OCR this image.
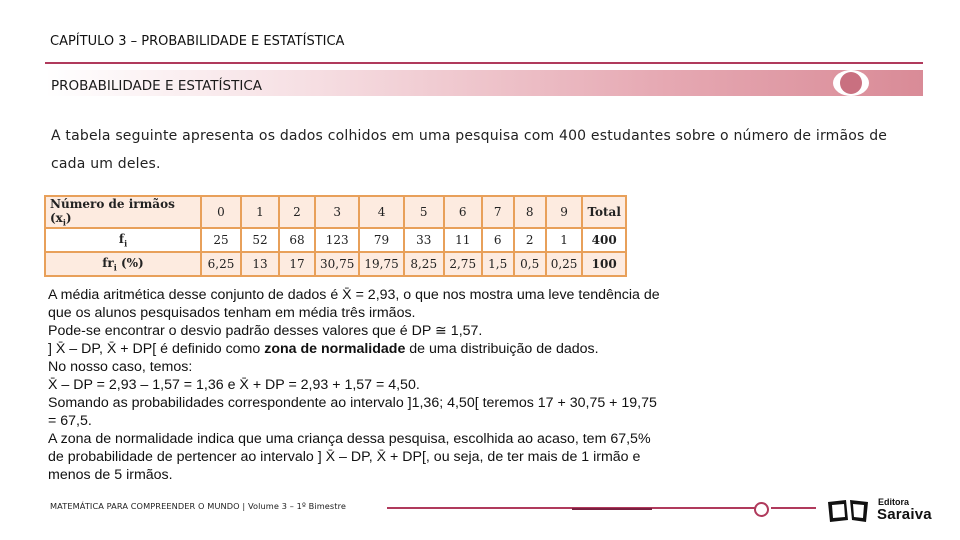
CAPÍTULO 3 – PROBABILIDADE E ESTATÍSTICA
PROBABILIDADE E ESTATÍSTICA
A tabela seguinte apresenta os dados colhidos em uma pesquisa com 400 estudantes sobre o número de irmãos de
cada um deles.
Número de irmãos $(x_i)$	0	1	2	3	4	5	6	7	8	9	Total
$f_i$	25	52	68	123	79	33	11	6	2	1	400
$fr_i$ (%)	6,25	13	17	30,75	19,75	8,25	2,75	1,5	0,5	0,25	100

A média aritmética desse conjunto de dados é X̄ = 2,93, o que nos mostra uma leve tendência de

que os alunos pesquisados tenham em média três irmãos.

Pode-se encontrar o desvio padrão desses valores que é DP ≅ 1,57.

] X̄ – DP, X̄ + DP[ é definido como zona de normalidade de uma distribuição de dados.

No nosso caso, temos:

X̄ – DP = 2,93 – 1,57 = 1,36 e X̄ + DP = 2,93 + 1,57 = 4,50.

Somando as probabilidades correspondente ao intervalo ]1,36; 4,50[ teremos 17 + 30,75 + 19,75

= 67,5.

A zona de normalidade indica que uma criança dessa pesquisa, escolhida ao acaso, tem 67,5%

de probabilidade de pertencer ao intervalo ] X̄ – DP, X̄ + DP[, ou seja, de ter mais de 1 irmão e

menos de 5 irmãos.

MATEMÁTICA PARA COMPREENDER O MUNDO | Volume 3 – 1º Bimestre	Editora
Saraiva
